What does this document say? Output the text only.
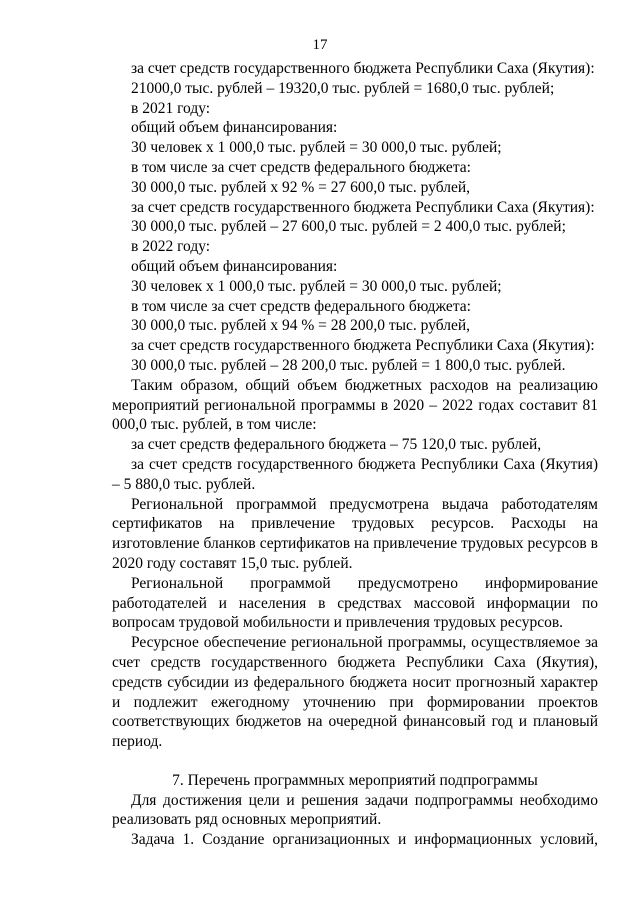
17
за счет средств государственного бюджета Республики Саха (Якутия):
21000,0 тыс. рублей – 19320,0 тыс. рублей = 1680,0 тыс. рублей;
в 2021 году:
общий объем финансирования:
30 человек х 1 000,0 тыс. рублей = 30 000,0 тыс. рублей;
в том числе за счет средств федерального бюджета:
30 000,0 тыс. рублей х 92 % = 27 600,0 тыс. рублей,
за счет средств государственного бюджета Республики Саха (Якутия):
30 000,0 тыс. рублей – 27 600,0 тыс. рублей = 2 400,0 тыс. рублей;
в 2022 году:
общий объем финансирования:
30 человек х 1 000,0 тыс. рублей = 30 000,0 тыс. рублей;
в том числе за счет средств федерального бюджета:
30 000,0 тыс. рублей х 94 % = 28 200,0 тыс. рублей,
за счет средств государственного бюджета Республики Саха (Якутия):
30 000,0 тыс. рублей – 28 200,0 тыс. рублей = 1 800,0 тыс. рублей.

Таким образом, общий объем бюджетных расходов на реализацию мероприятий региональной программы в 2020 – 2022 годах составит 81 000,0 тыс. рублей, в том числе:

за счет средств федерального бюджета – 75 120,0 тыс. рублей,

за счет средств государственного бюджета Республики Саха (Якутия) – 5 880,0 тыс. рублей.

Региональной программой предусмотрена выдача работодателям сертификатов на привлечение трудовых ресурсов. Расходы на изготовление бланков сертификатов на привлечение трудовых ресурсов в 2020 году составят 15,0 тыс. рублей.

Региональной программой предусмотрено информирование работодателей и населения в средствах массовой информации по вопросам трудовой мобильности и привлечения трудовых ресурсов.

Ресурсное обеспечение региональной программы, осуществляемое за счет средств государственного бюджета Республики Саха (Якутия), средств субсидии из федерального бюджета носит прогнозный характер и подлежит ежегодному уточнению при формировании проектов соответствующих бюджетов на очередной финансовый год и плановый период.

7. Перечень программных мероприятий подпрограммы

Для достижения цели и решения задачи подпрограммы необходимо реализовать ряд основных мероприятий.

Задача 1. Создание организационных и информационных условий,
